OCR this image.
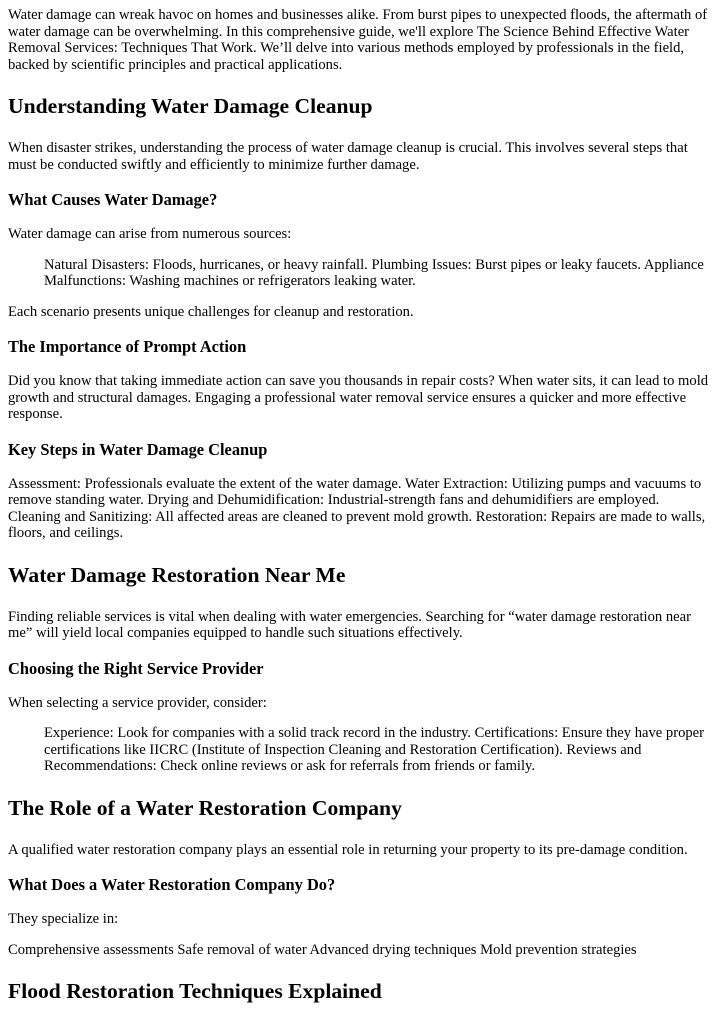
Water damage can wreak havoc on homes and businesses alike. From burst pipes to unexpected floods, the aftermath of water damage can be overwhelming. In this comprehensive guide, we'll explore The Science Behind Effective Water Removal Services: Techniques That Work. We’ll delve into various methods employed by professionals in the field, backed by scientific principles and practical applications.

Understanding Water Damage Cleanup

When disaster strikes, understanding the process of water damage cleanup is crucial. This involves several steps that must be conducted swiftly and efficiently to minimize further damage.

What Causes Water Damage?

Water damage can arise from numerous sources:

Natural Disasters: Floods, hurricanes, or heavy rainfall. Plumbing Issues: Burst pipes or leaky faucets. Appliance Malfunctions: Washing machines or refrigerators leaking water.

Each scenario presents unique challenges for cleanup and restoration.

The Importance of Prompt Action

Did you know that taking immediate action can save you thousands in repair costs? When water sits, it can lead to mold growth and structural damages. Engaging a professional water removal service ensures a quicker and more effective response.

Key Steps in Water Damage Cleanup

Assessment: Professionals evaluate the extent of the water damage. Water Extraction: Utilizing pumps and vacuums to remove standing water. Drying and Dehumidification: Industrial-strength fans and dehumidifiers are employed. Cleaning and Sanitizing: All affected areas are cleaned to prevent mold growth. Restoration: Repairs are made to walls, floors, and ceilings.

Water Damage Restoration Near Me

Finding reliable services is vital when dealing with water emergencies. Searching for “water damage restoration near me” will yield local companies equipped to handle such situations effectively.

Choosing the Right Service Provider

When selecting a service provider, consider:

Experience: Look for companies with a solid track record in the industry. Certifications: Ensure they have proper certifications like IICRC (Institute of Inspection Cleaning and Restoration Certification). Reviews and Recommendations: Check online reviews or ask for referrals from friends or family.
The Role of a Water Restoration Company

A qualified water restoration company plays an essential role in returning your property to its pre-damage condition.

What Does a Water Restoration Company Do?

They specialize in:

Comprehensive assessments Safe removal of water Advanced drying techniques Mold prevention strategies

Flood Restoration Techniques Explained
